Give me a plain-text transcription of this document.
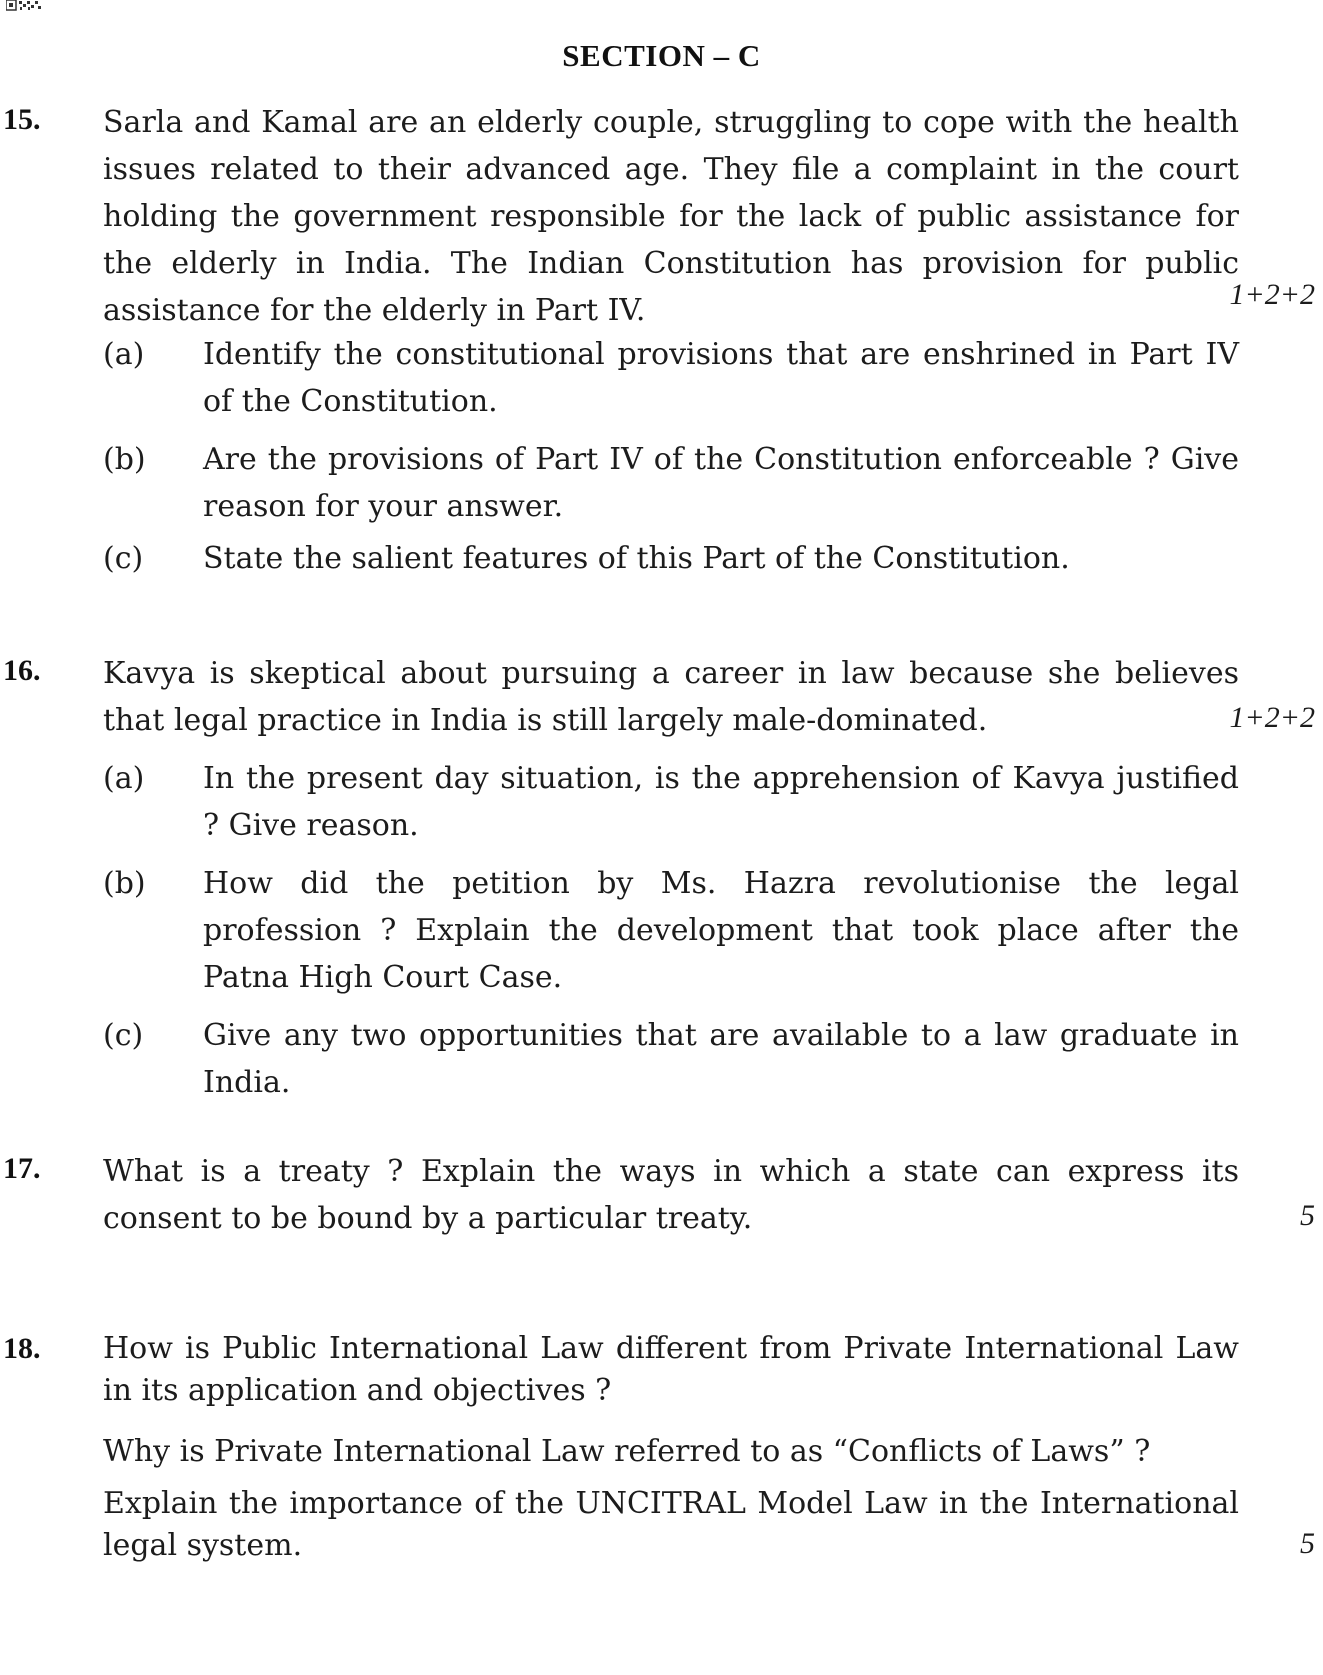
SECTION – C
15. Sarla and Kamal are an elderly couple, struggling to cope with the health issues related to their advanced age. They file a complaint in the court holding the government responsible for the lack of public assistance for the elderly in India. The Indian Constitution has provision for public assistance for the elderly in Part IV.	1+2+2
(a) Identify the constitutional provisions that are enshrined in Part IV of the Constitution.

(b) Are the provisions of Part IV of the Constitution enforceable ? Give reason for your answer.

(c) State the salient features of this Part of the Constitution.

16. Kavya is skeptical about pursuing a career in law because she believes that legal practice in India is still largely male-dominated.	1+2+2
(a) In the present day situation, is the apprehension of Kavya justified ? Give reason.

(b) How did the petition by Ms. Hazra revolutionise the legal profession ? Explain the development that took place after the Patna High Court Case.

(c) Give any two opportunities that are available to a law graduate in India.

17. What is a treaty ? Explain the ways in which a state can express its consent to be bound by a particular treaty.	5
18. How is Public International Law different from Private International Law in its application and objectives ?

Why is Private International Law referred to as “Conflicts of Laws” ?

Explain the importance of the UNCITRAL Model Law in the International legal system.	5
